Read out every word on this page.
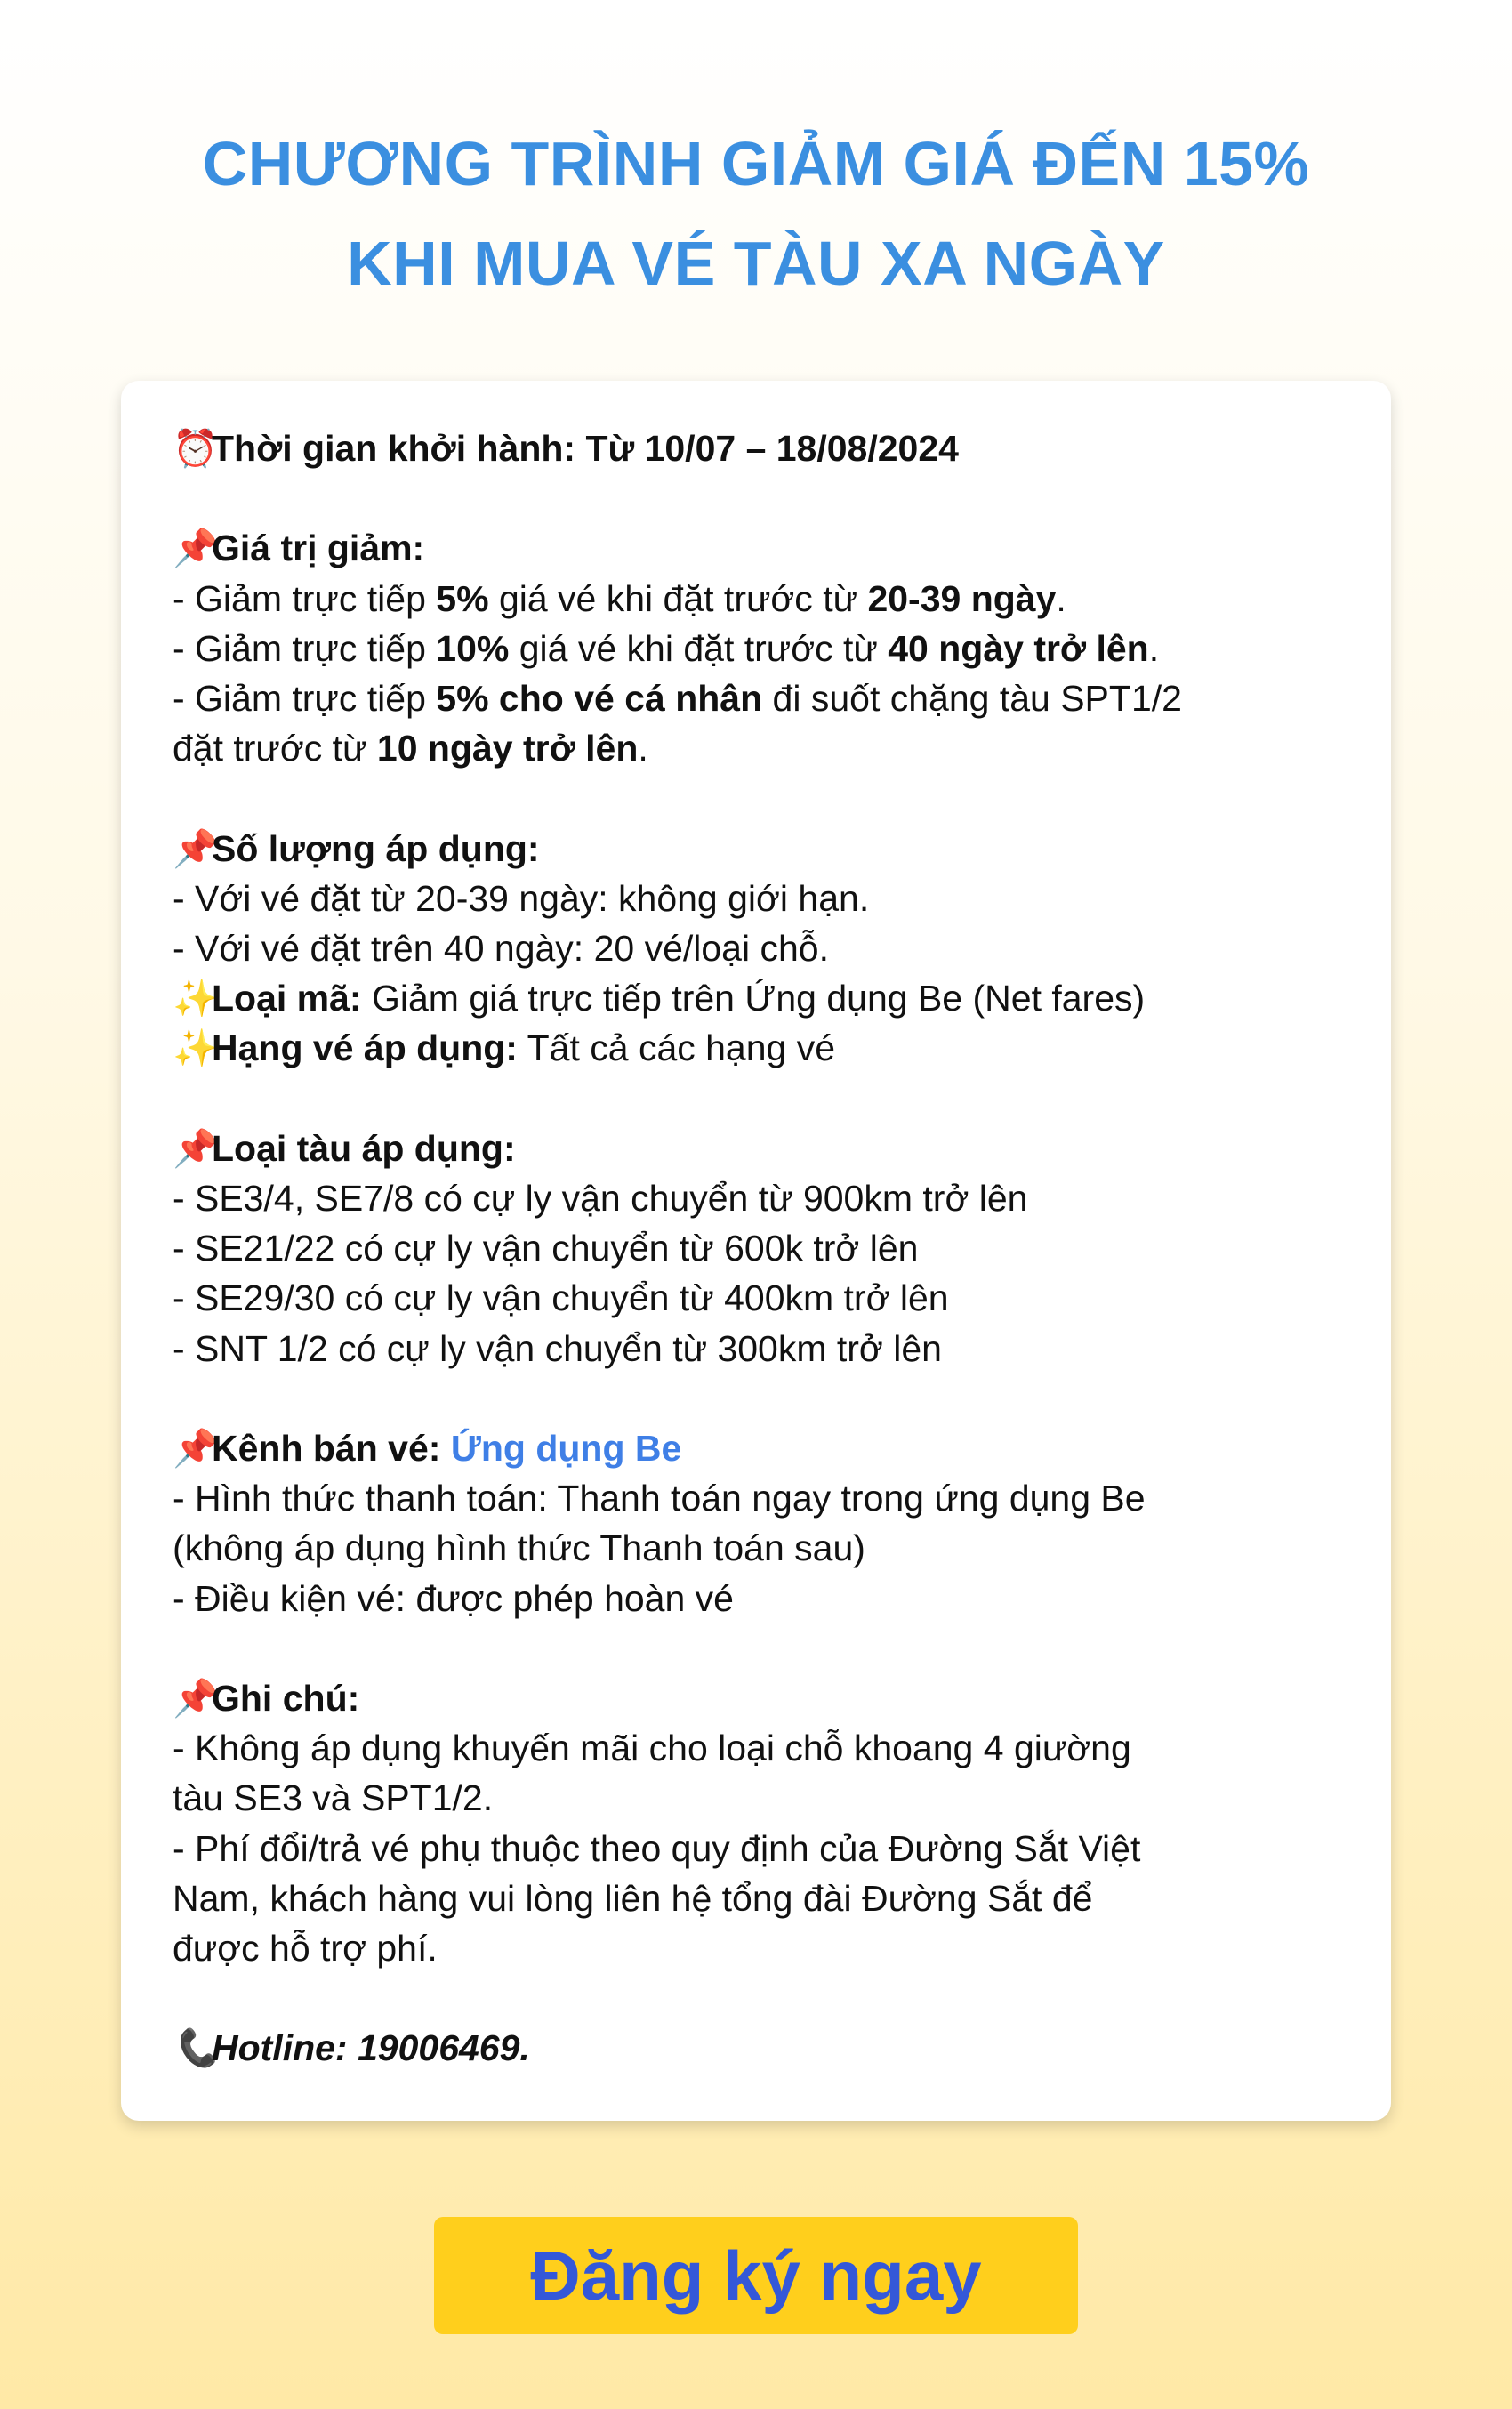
CHƯƠNG TRÌNH GIẢM GIÁ ĐẾN 15%
KHI MUA VÉ TÀU XA NGÀY
⏰Thời gian khởi hành: Từ 10/07 – 18/08/2024
📌Giá trị giảm:
- Giảm trực tiếp 5% giá vé khi đặt trước từ 20-39 ngày.
- Giảm trực tiếp 10% giá vé khi đặt trước từ 40 ngày trở lên.
- Giảm trực tiếp 5% cho vé cá nhân đi suốt chặng tàu SPT1/2
đặt trước từ 10 ngày trở lên.
📌Số lượng áp dụng:
- Với vé đặt từ 20-39 ngày: không giới hạn.
- Với vé đặt trên 40 ngày: 20 vé/loại chỗ.
✨Loại mã: Giảm giá trực tiếp trên Ứng dụng Be (Net fares)
✨Hạng vé áp dụng: Tất cả các hạng vé
📌Loại tàu áp dụng:
- SE3/4, SE7/8 có cự ly vận chuyển từ 900km trở lên
- SE21/22 có cự ly vận chuyển từ 600k trở lên
- SE29/30 có cự ly vận chuyển từ 400km trở lên
- SNT 1/2 có cự ly vận chuyển từ 300km trở lên
📌Kênh bán vé: Ứng dụng Be
- Hình thức thanh toán: Thanh toán ngay trong ứng dụng Be
(không áp dụng hình thức Thanh toán sau)
- Điều kiện vé: được phép hoàn vé
📌Ghi chú:
- Không áp dụng khuyến mãi cho loại chỗ khoang 4 giường
tàu SE3 và SPT1/2.
- Phí đổi/trả vé phụ thuộc theo quy định của Đường Sắt Việt
Nam, khách hàng vui lòng liên hệ tổng đài Đường Sắt để
được hỗ trợ phí.
📞Hotline: 19006469.
Đăng ký ngay
